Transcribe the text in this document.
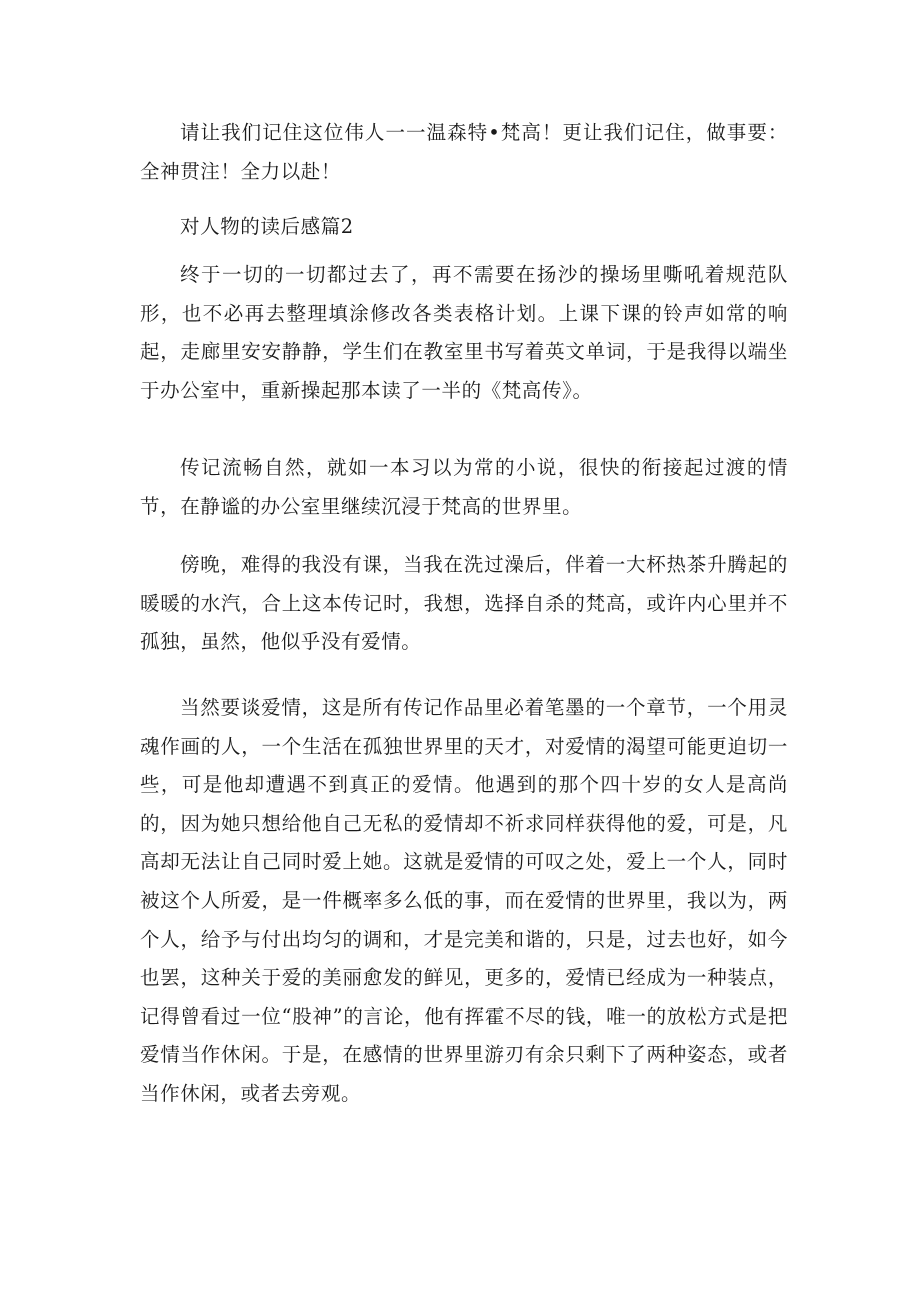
请让我们记住这位伟人一一温森特•梵高！更让我们记住，做事要：全神贯注！全力以赴！

对人物的读后感篇2

终于一切的一切都过去了，再不需要在扬沙的操场里嘶吼着规范队形，也不必再去整理填涂修改各类表格计划。上课下课的铃声如常的响起，走廊里安安静静，学生们在教室里书写着英文单词，于是我得以端坐于办公室中，重新操起那本读了一半的《梵高传》。

传记流畅自然，就如一本习以为常的小说，很快的衔接起过渡的情节，在静谧的办公室里继续沉浸于梵高的世界里。

傍晚，难得的我没有课，当我在洗过澡后，伴着一大杯热茶升腾起的暖暖的水汽，合上这本传记时，我想，选择自杀的梵高，或许内心里并不孤独，虽然，他似乎没有爱情。

当然要谈爱情，这是所有传记作品里必着笔墨的一个章节，一个用灵魂作画的人，一个生活在孤独世界里的天才，对爱情的渴望可能更迫切一些，可是他却遭遇不到真正的爱情。他遇到的那个四十岁的女人是高尚的，因为她只想给他自己无私的爱情却不祈求同样获得他的爱，可是，凡高却无法让自己同时爱上她。这就是爱情的可叹之处，爱上一个人，同时被这个人所爱，是一件概率多么低的事，而在爱情的世界里，我以为，两个人，给予与付出均匀的调和，才是完美和谐的，只是，过去也好，如今也罢，这种关于爱的美丽愈发的鲜见，更多的，爱情已经成为一种装点，记得曾看过一位“股神”的言论，他有挥霍不尽的钱，唯一的放松方式是把爱情当作休闲。于是，在感情的世界里游刃有余只剩下了两种姿态，或者当作休闲，或者去旁观。
